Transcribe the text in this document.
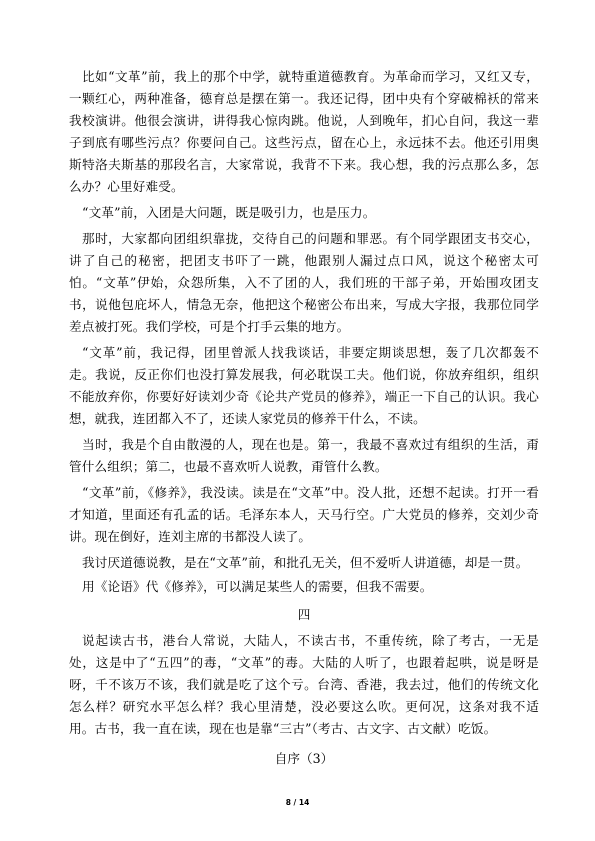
比如“文革”前，我上的那个中学，就特重道德教育。为革命而学习，又红又专，一颗红心，两种准备，德育总是摆在第一。我还记得，团中央有个穿破棉袄的常来我校演讲。他很会演讲，讲得我心惊肉跳。他说，人到晚年，扪心自问，我这一辈子到底有哪些污点？你要问自己。这些污点，留在心上，永远抹不去。他还引用奥斯特洛夫斯基的那段名言，大家常说，我背不下来。我心想，我的污点那么多，怎么办？心里好难受。

“文革”前，入团是大问题，既是吸引力，也是压力。

那时，大家都向团组织靠拢，交待自己的问题和罪恶。有个同学跟团支书交心，讲了自己的秘密，把团支书吓了一跳，他跟别人漏过点口风，说这个秘密太可怕。“文革”伊始，众怨所集，入不了团的人，我们班的干部子弟，开始围攻团支书，说他包庇坏人，情急无奈，他把这个秘密公布出来，写成大字报，我那位同学差点被打死。我们学校，可是个打手云集的地方。

“文革”前，我记得，团里曾派人找我谈话，非要定期谈思想，轰了几次都轰不走。我说，反正你们也没打算发展我，何必耽误工夫。他们说，你放弃组织，组织不能放弃你，你要好好读刘少奇《论共产党员的修养》，端正一下自己的认识。我心想，就我，连团都入不了，还读人家党员的修养干什么，不读。

当时，我是个自由散漫的人，现在也是。第一，我最不喜欢过有组织的生活，甭管什么组织；第二，也最不喜欢听人说教，甭管什么教。

“文革”前，《修养》，我没读。读是在“文革”中。没人批，还想不起读。打开一看才知道，里面还有孔孟的话。毛泽东本人，天马行空。广大党员的修养，交刘少奇讲。现在倒好，连刘主席的书都没人读了。

我讨厌道德说教，是在“文革”前，和批孔无关，但不爱听人讲道德，却是一贯。

用《论语》代《修养》，可以满足某些人的需要，但我不需要。

四

说起读古书，港台人常说，大陆人，不读古书，不重传统，除了考古，一无是处，这是中了“五四”的毒，“文革”的毒。大陆的人听了，也跟着起哄，说是呀是呀，千不该万不该，我们就是吃了这个亏。台湾、香港，我去过，他们的传统文化怎么样？研究水平怎么样？我心里清楚，没必要这么吹。更何况，这条对我不适用。古书，我一直在读，现在也是靠“三古”（考古、古文字、古文献）吃饭。

自序（3）
8 / 14
